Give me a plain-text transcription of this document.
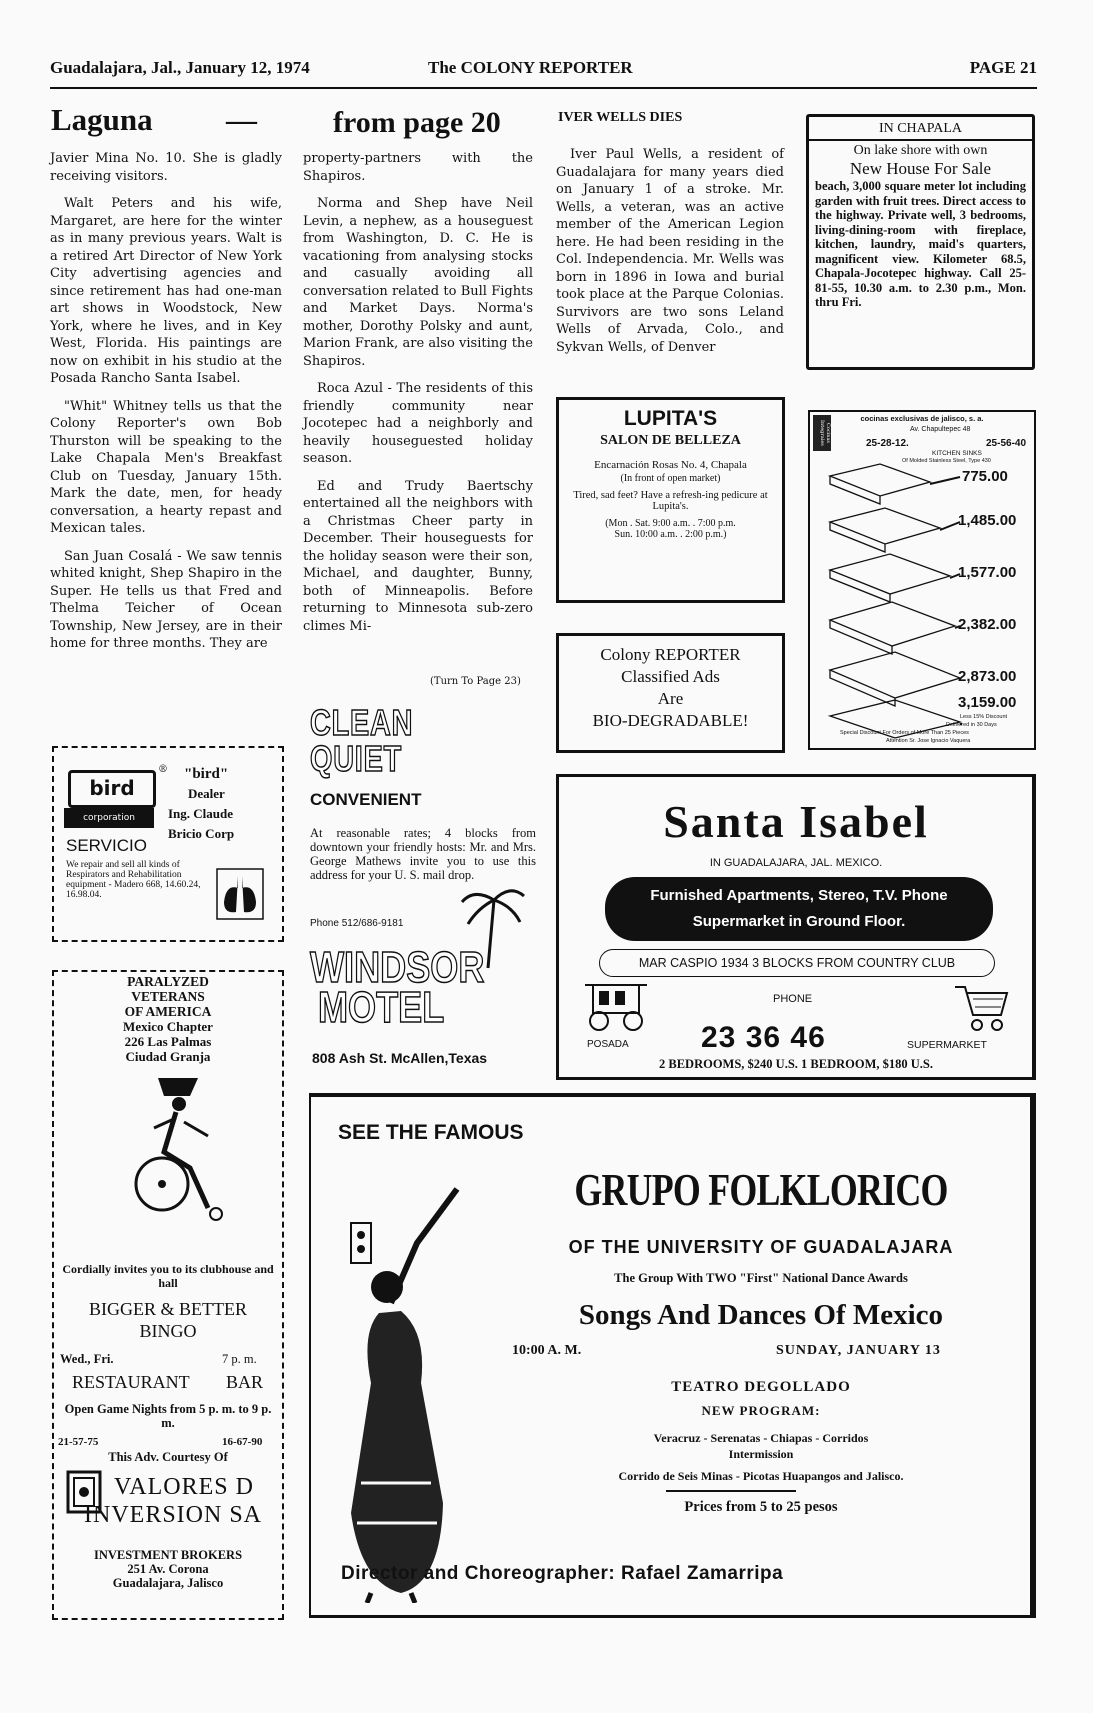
Guadalajara, Jal., January 12, 1974	The COLONY REPORTER	PAGE 21
Laguna —	from page 20

Javier Mina No. 10. She is gladly receiving visitors.

Walt Peters and his wife, Margaret, are here for the winter as in many previous years. Walt is a retired Art Director of New York City advertising agencies and since retirement has had one-man art shows in Woodstock, New York, where he lives, and in Key West, Florida. His paintings are now on exhibit in his studio at the Posada Rancho Santa Isabel.

"Whit" Whitney tells us that the Colony Reporter's own Bob Thurston will be speaking to the Lake Chapala Men's Breakfast Club on Tuesday, January 15th. Mark the date, men, for heady conversation, a hearty repast and Mexican tales.

San Juan Cosalá - We saw tennis whited knight, Shep Shapiro in the Super. He tells us that Fred and Thelma Teicher of Ocean Township, New Jersey, are in their home for three months. They are

property-partners with the Shapiros.

Norma and Shep have Neil Levin, a nephew, as a houseguest from Washington, D. C. He is vacationing from analysing stocks and casually avoiding all conversation related to Bull Fights and Market Days. Norma's mother, Dorothy Polsky and aunt, Marion Frank, are also visiting the Shapiros.

Roca Azul - The residents of this friendly community near Jocotepec had a neighborly and heavily houseguested holiday season.

Ed and Trudy Baertschy entertained all the neighbors with a Christmas Cheer party in December. Their houseguests for the holiday season were their son, Michael, and daughter, Bunny, both of Minneapolis. Before returning to Minnesota sub-zero climes Mi-

(Turn To Page 23)
IVER WELLS DIES
Iver Paul Wells, a resident of Guadalajara for many years died on January 1 of a stroke. Mr. Wells, a veteran, was an active member of the American Legion here. He had been residing in the Col. Independencia. Mr. Wells was born in 1896 in Iowa and burial took place at the Parque Colonias. Survivors are two sons Leland Wells of Arvada, Colo., and Sykvan Wells, of Denver
IN CHAPALA
On lake shore with own
New House For Sale
beach, 3,000 square meter lot including garden with fruit trees. Direct access to the highway. Private well, 3 bedrooms, living-dining-room with fireplace, kitchen, laundry, maid's quarters, magnificent view. Kilometer 68.5, Chapala-Jocotepec highway. Call 25-81-55, 10.30 a.m. to 2.30 p.m., Mon. thru Fri.
LUPITA'S
SALON DE BELLEZA
Encarnación Rosas No. 4, Chapala
(In front of open market)
Tired, sad feet? Have a refresh-ing pedicure at Lupita's.
(Mon . Sat. 9:00 a.m. . 7:00 p.m.
Sun. 10:00 a.m. . 2:00 p.m.)
Colony REPORTER
Classified Ads
Are
BIO-DEGRADABLE!
cocinas exclusivas de jalisco, s. a.
Av. Chapultepec 48
Cocinas Integrales	25-28-12.	25-56-40
KITCHEN SINKS
Of Molded Stainless Steel, Type 430
775.00
1,485.00
1,577.00
2,382.00
2,873.00
3,159.00
Less 15% Discount
Delivered in 30 Days
Special Discount For Orders of More Than 25 Pieces
Attention Sr. Jose Ignacio Vaquera
bird
corporation
® "bird"
Dealer
Ing. Claude
Bricio Corp
SERVICIO
We repair and sell all kinds of Respirators and Rehabilitation equipment - Madero 668, 14.60.24, 16.98.04.
CLEAN
QUIET
CONVENIENT
At reasonable rates; 4 blocks from downtown your friendly hosts: Mr. and Mrs. George Mathews invite you to use this address for your U. S. mail drop.
Phone 512/686-9181
WINDSOR
MOTEL
808 Ash St. McAllen,Texas
Santa Isabel
IN GUADALAJARA, JAL. MEXICO.
Furnished Apartments, Stereo, T.V. Phone
Supermarket in Ground Floor.
MAR CASPIO 1934 3 BLOCKS FROM COUNTRY CLUB
PHONE
POSADA 23 36 46	SUPERMARKET
2 BEDROOMS, $240 U.S. 1 BEDROOM, $180 U.S.
PARALYZED
VETERANS
OF AMERICA
Mexico Chapter
226 Las Palmas
Ciudad Granja
Cordially invites you to its clubhouse and hall
BIGGER & BETTER
BINGO
Wed., Fri.	7 p. m.
RESTAURANT BAR
Open Game Nights from 5 p. m. to 9 p. m.
21-57-75	16-67-90
This Adv. Courtesy Of
VALORES D
INVERSION SA
INVESTMENT BROKERS
251 Av. Corona
Guadalajara, Jalisco
SEE THE FAMOUS
GRUPO FOLKLORICO
OF THE UNIVERSITY OF GUADALAJARA
The Group With TWO "First" National Dance Awards
Songs And Dances Of Mexico
10:00 A. M.	SUNDAY, JANUARY 13
TEATRO DEGOLLADO
NEW PROGRAM:
Veracruz - Serenatas - Chiapas - Corridos
Intermission
Corrido de Seis Minas - Picotas Huapangos and Jalisco.
Prices from 5 to 25 pesos
Director and Choreographer: Rafael Zamarripa
